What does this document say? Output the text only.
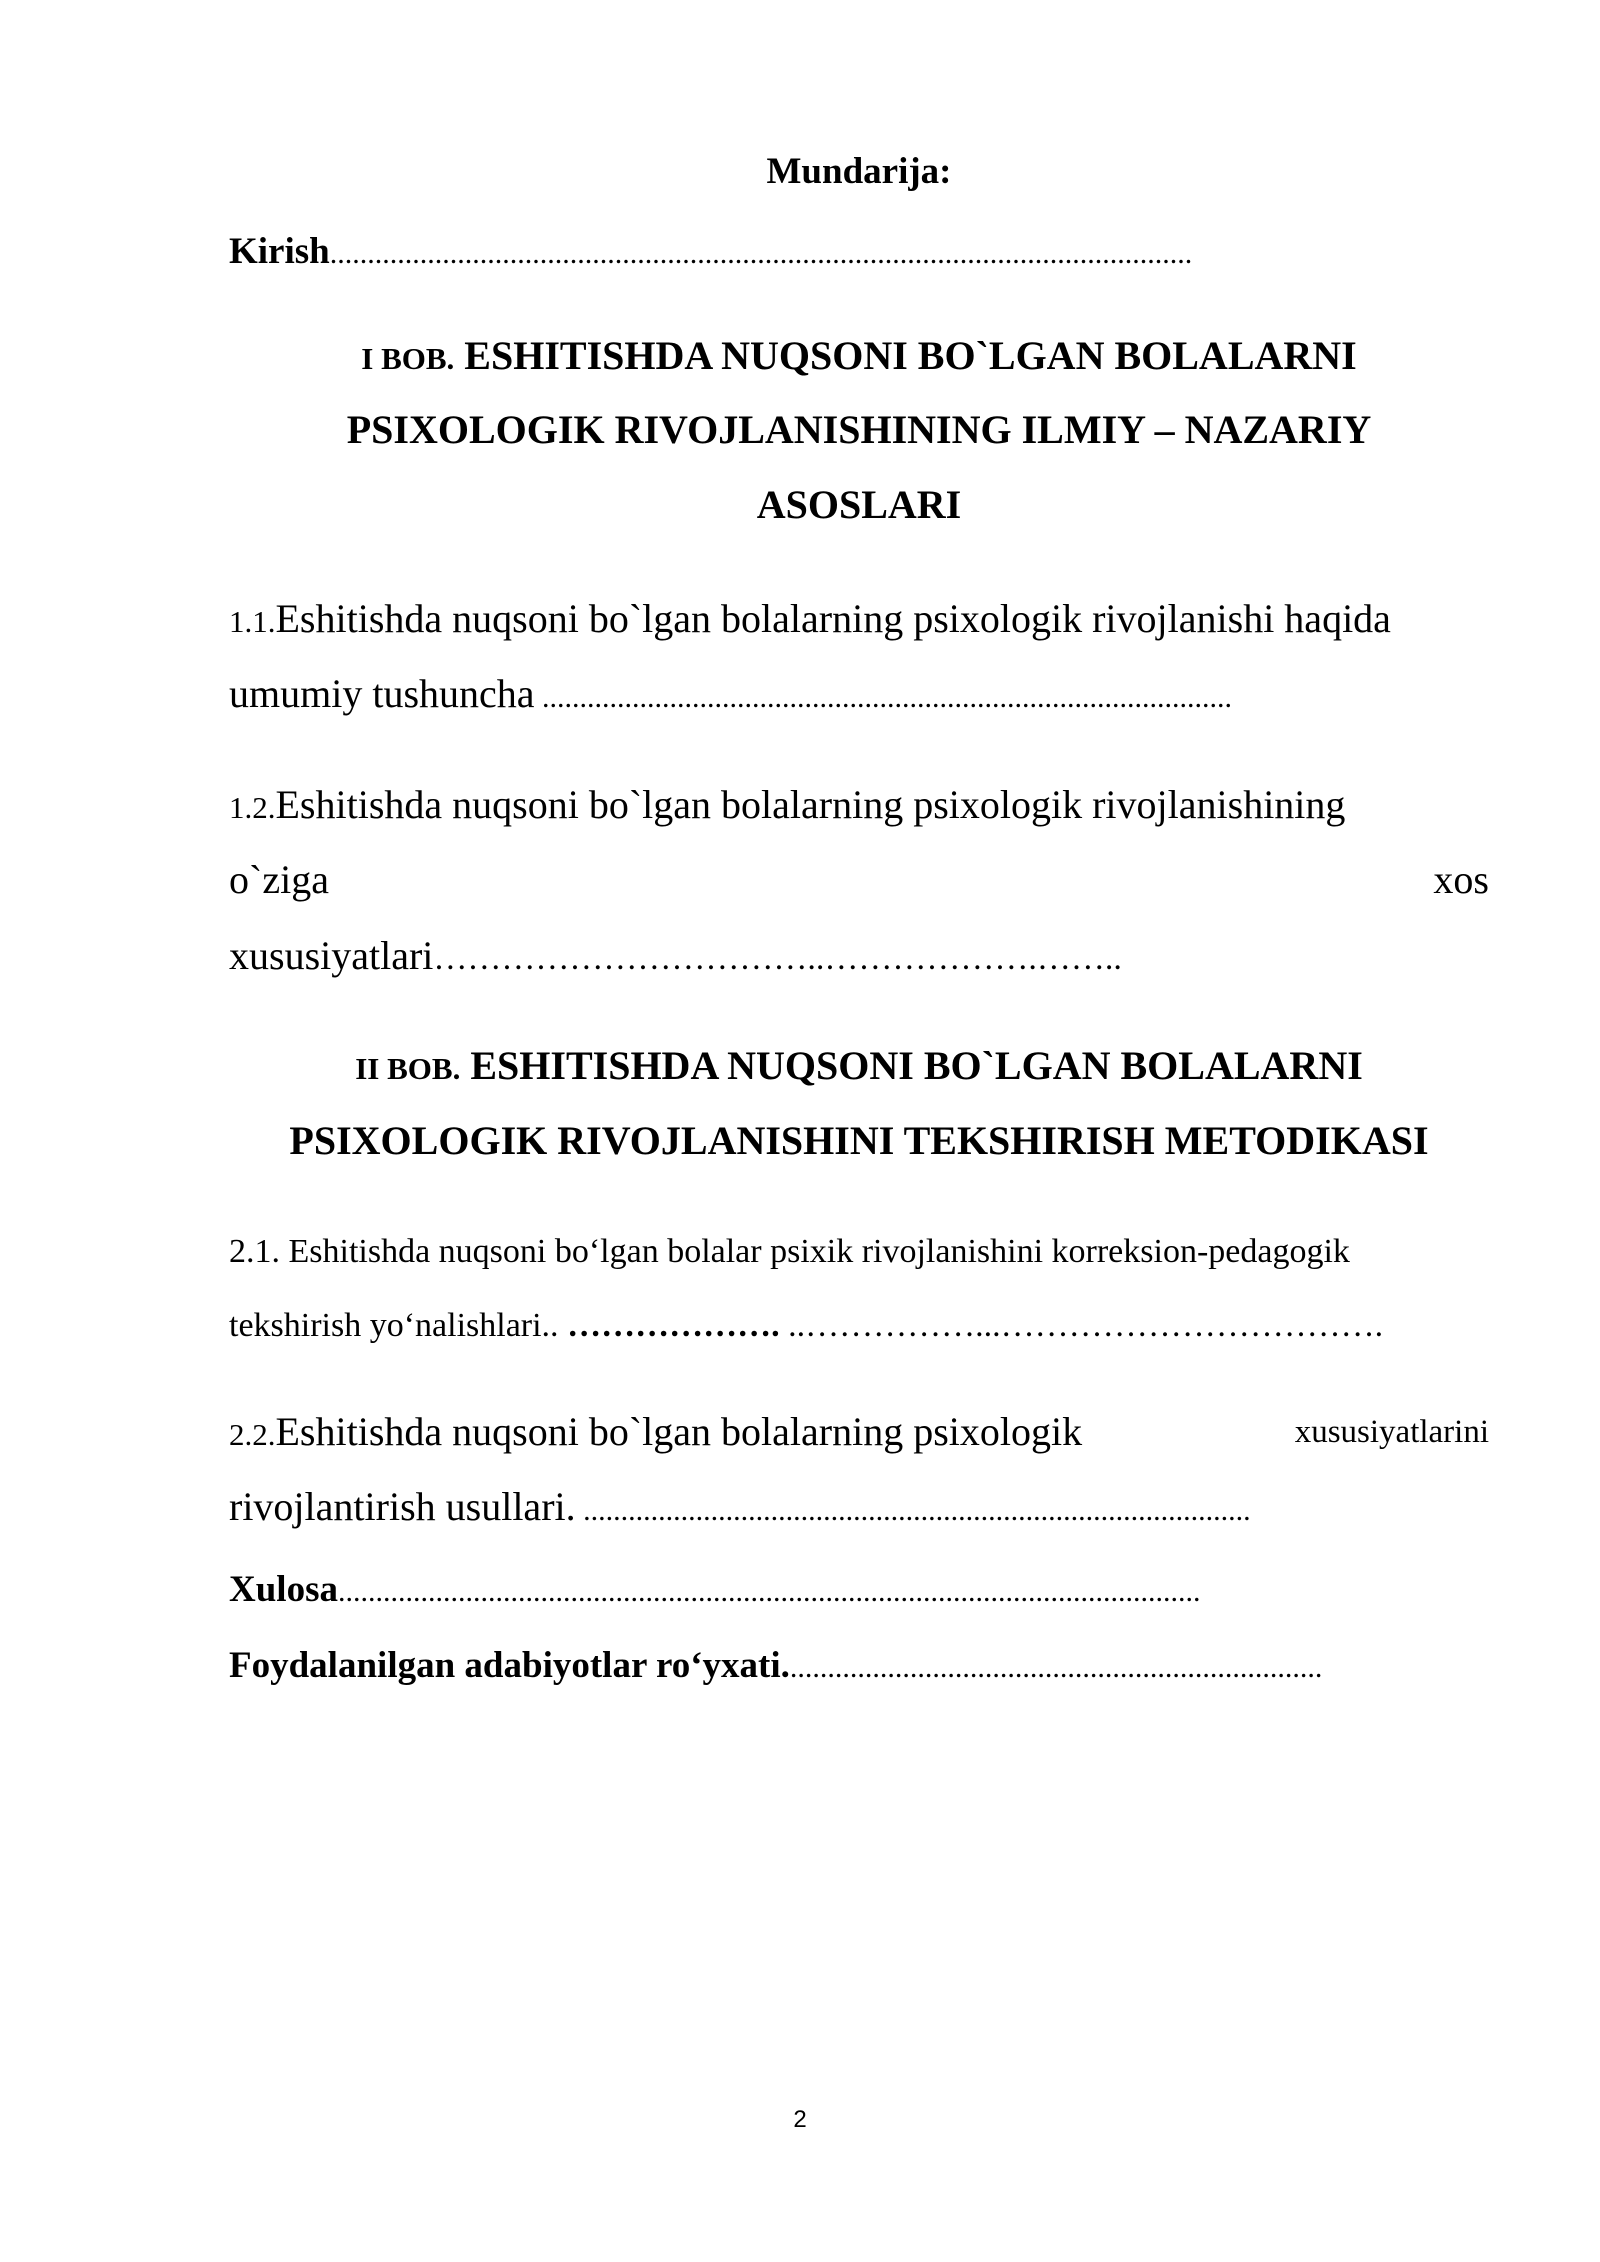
Mundarija:
Kirish...................................................................................................................
I BOB. ESHITISHDA NUQSONI BO`LGAN BOLALARNI
PSIXOLOGIK RIVOJLANISHINING ILMIY – NAZARIY
ASOSLARI
1.1.Eshitishda nuqsoni bo`lgan bolalarning psixologik rivojlanishi haqida
umumiy tushuncha ............................................................................................
1.2.Eshitishda nuqsoni bo`lgan bolalarning psixologik rivojlanishining
o`ziga	xos
xususiyatlari……………………………..……………….……..
II BOB. ESHITISHDA NUQSONI BO`LGAN BOLALARNI
PSIXOLOGIK RIVOJLANISHINI TEKSHIRISH METODIKASI
2.1. Eshitishda nuqsoni bo‘lgan bolalar psixik rivojlanishini korreksion-pedagogik
tekshirish yo‘nalishlari.. ………………. ..……………...…………………………….
2.2.Eshitishda nuqsoni bo`lgan bolalarning psixologik	xususiyatlarini
rivojlantirish usullari. .........................................................................................
Xulosa...................................................................................................................
Foydalanilgan adabiyotlar ro‘yxati........................................................................
2
